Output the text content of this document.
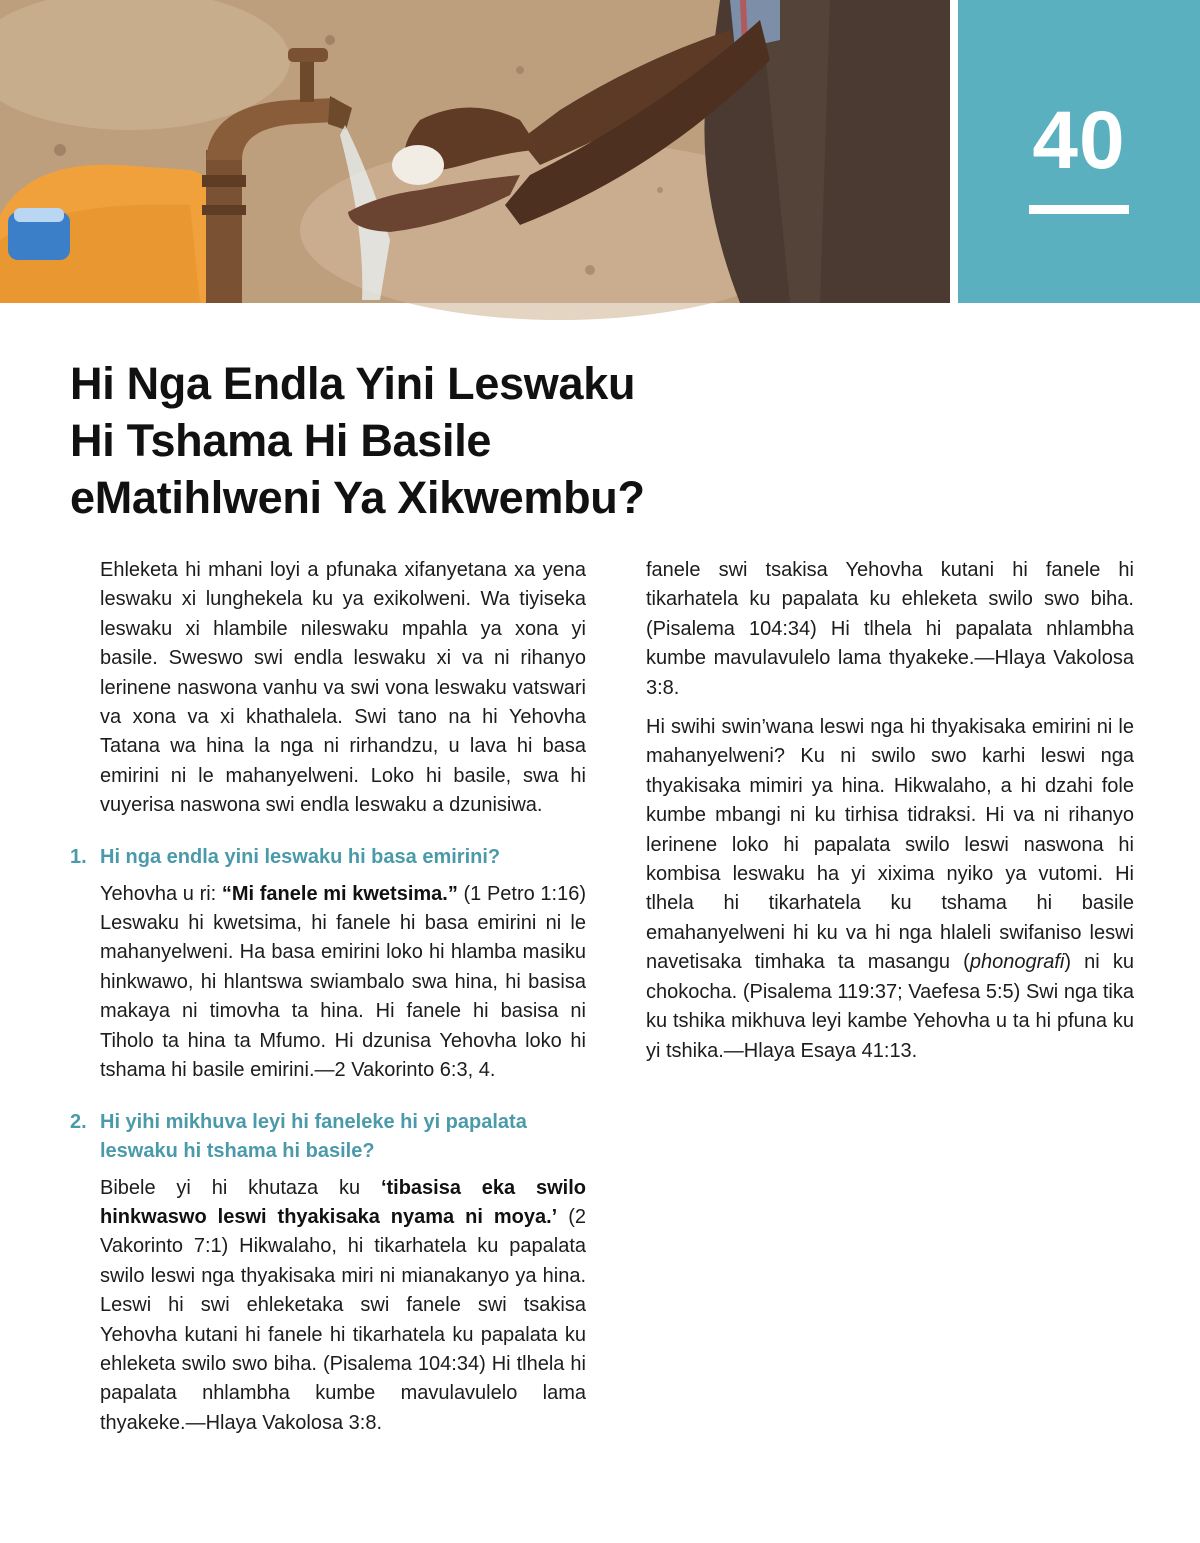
40
Hi Nga Endla Yini Leswaku
Hi Tshama Hi Basile
eMatihlweni Ya Xikwembu?

Ehleketa hi mhani loyi a pfunaka xifanyetana xa yena leswaku xi lunghekela ku ya exikolweni. Wa tiyiseka leswaku xi hlambile nileswaku mpahla ya xona yi basile. Sweswo swi endla leswaku xi va ni rihanyo lerinene naswona vanhu va swi vona leswaku vatswari va xona va xi khathalela. Swi tano na hi Yehovha Tatana wa hina la nga ni rirhandzu, u lava hi basa emirini ni le mahanyelweni. Loko hi basile, swa hi vuyerisa naswona swi endla leswaku a dzunisiwa.

1. Hi nga endla yini leswaku hi basa emirini?

Yehovha u ri: “Mi fanele mi kwetsima.” (1 Petro 1:16) Leswaku hi kwetsima, hi fanele hi basa emirini ni le mahanyelweni. Ha basa emirini loko hi hlamba masiku hinkwawo, hi hlantswa swiambalo swa hina, hi basisa makaya ni timovha ta hina. Hi fanele hi basisa ni Tiholo ta hina ta Mfumo. Hi dzunisa Yehovha loko hi tshama hi basile emirini.—2 Vakorinto 6:3, 4.

2. Hi yihi mikhuva leyi hi faneleke hi yi papalata leswaku hi tshama hi basile?

Bibele yi hi khutaza ku ‘tibasisa eka swilo hinkwaswo leswi thyakisaka nyama ni moya.’ (2 Vakorinto 7:1) Hikwalaho, hi tikarhatela ku papalata swilo leswi nga thyakisaka miri ni mianakanyo ya hina. Leswi hi swi ehleketaka swi fanele swi tsakisa Yehovha kutani hi fanele hi tikarhatela ku papalata ku ehleketa swilo swo biha. (Pisalema 104:34) Hi tlhela hi papalata nhlambha kumbe mavulavulelo lama thyakeke.—Hlaya Vakolosa 3:8.

fanele swi tsakisa Yehovha kutani hi fanele hi tikarhatela ku papalata ku ehleketa swilo swo biha. (Pisalema 104:34) Hi tlhela hi papalata nhlambha kumbe mavulavulelo lama thyakeke.—Hlaya Vakolosa 3:8.

Hi swihi swin’wana leswi nga hi thyakisaka emirini ni le mahanyelweni? Ku ni swilo swo karhi leswi nga thyakisaka mimiri ya hina. Hikwalaho, a hi dzahi fole kumbe mbangi ni ku tirhisa tidraksi. Hi va ni rihanyo lerinene loko hi papalata swilo leswi naswona hi kombisa leswaku ha yi xixima nyiko ya vutomi. Hi tlhela hi tikarhatela ku tshama hi basile emahanyelweni hi ku va hi nga hlaleli swifaniso leswi navetisaka timhaka ta masangu (phonografi) ni ku chokocha. (Pisalema 119:37; Vaefesa 5:5) Swi nga tika ku tshika mikhuva leyi kambe Yehovha u ta hi pfuna ku yi tshika.—Hlaya Esaya 41:13.
